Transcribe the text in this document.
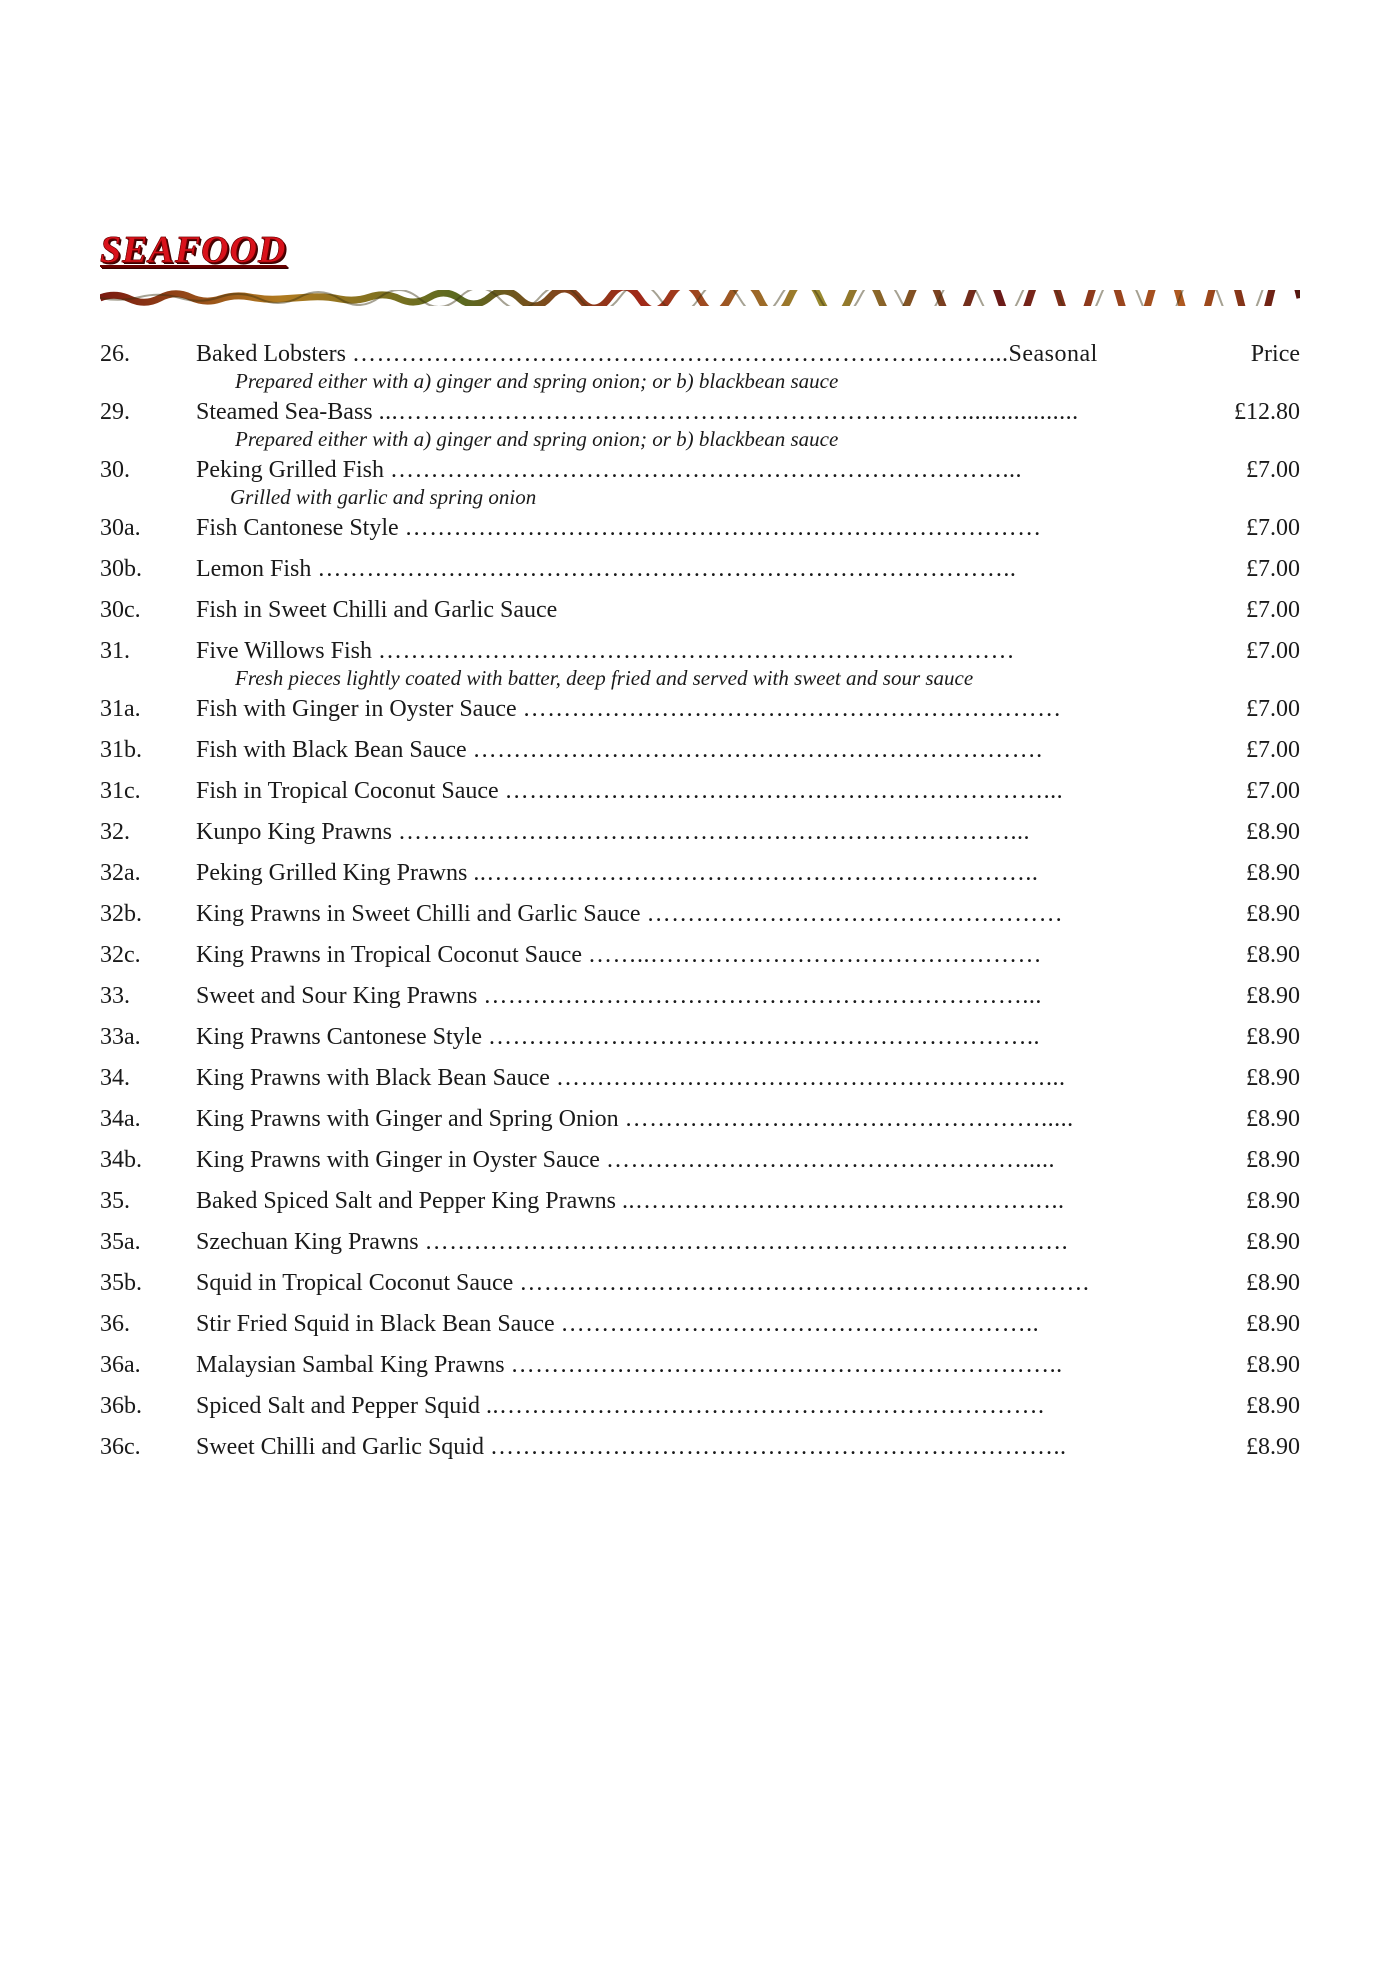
SEAFOOD
26.	Baked Lobsters ……………………………………………………………………...Seasonal	Price
Prepared either with a) ginger and spring onion; or b) blackbean sauce
29.	Steamed Sea-Bass ...……………………………………………………………..................	£12.80
Prepared either with a) ginger and spring onion; or b) blackbean sauce
30.	Peking Grilled Fish …………………………………………………………………...	£7.00
Grilled with garlic and spring onion
30a. Fish Cantonese Style ……………………………………………………………………	£7.00
30b. Lemon Fish …………………………………………………………………………..	£7.00
30c. Fish in Sweet Chilli and Garlic Sauce	£7.00
31.	Five Willows Fish ……………………………………………………………………	£7.00
Fresh pieces lightly coated with batter, deep fried and served with sweet and sour sauce
31a. Fish with Ginger in Oyster Sauce …………………………………………………………	£7.00
31b. Fish with Black Bean Sauce …………………………………………………………….	£7.00
31c. Fish in Tropical Coconut Sauce …………………………………………………………...	£7.00
32.	Kunpo King Prawns …………………………………………………………………...	£8.90
32a. Peking Grilled King Prawns ..…………………………………………………………..	£8.90
32b. King Prawns in Sweet Chilli and Garlic Sauce ……………………………………………	£8.90
32c. King Prawns in Tropical Coconut Sauce ……..…………………………………………	£8.90
33.	Sweet and Sour King Prawns …………………………………………………………...	£8.90
33a. King Prawns Cantonese Style …………………………………………………………..	£8.90
34.	King Prawns with Black Bean Sauce ……………………………………………………...	£8.90
34a. King Prawns with Ginger and Spring Onion …………………………………………….....	£8.90
34b. King Prawns with Ginger in Oyster Sauce …………………………………………….....	£8.90
35.	Baked Spiced Salt and Pepper King Prawns ..……………………………………………..	£8.90
35a. Szechuan King Prawns …………………………………………………………………….	£8.90
35b. Squid in Tropical Coconut Sauce …………………………………………………………….	£8.90
36.	Stir Fried Squid in Black Bean Sauce …………………………………………………..	£8.90
36a. Malaysian Sambal King Prawns …………………………………………………………..	£8.90
36b. Spiced Salt and Pepper Squid ..………………………………………………………….	£8.90
36c. Sweet Chilli and Garlic Squid ……………………………………………………………..	£8.90
